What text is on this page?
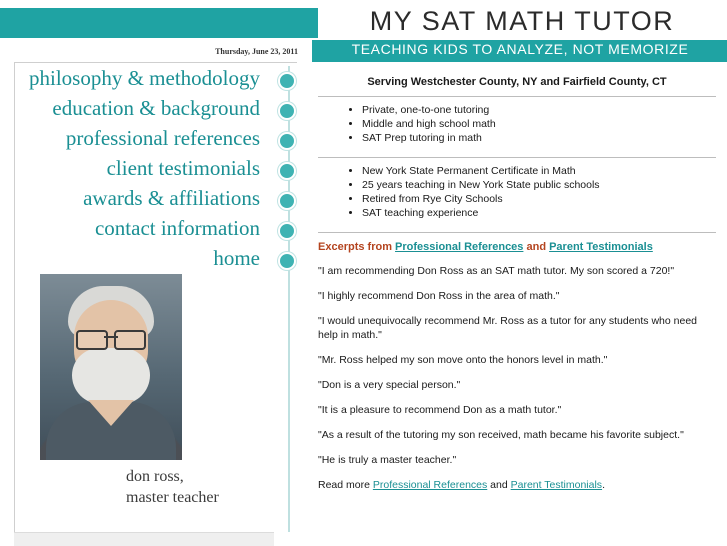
MY SAT MATH TUTOR
TEACHING KIDS TO ANALYZE, NOT MEMORIZE
Thursday, June 23, 2011
philosophy & methodology
education & background
professional references
client testimonials
awards & affiliations
contact information
home
don ross,
master teacher
Serving Westchester County, NY and Fairfield County, CT
• Private, one-to-one tutoring
• Middle and high school math
• SAT Prep tutoring in math
• New York State Permanent Certificate in Math
• 25 years teaching in New York State public schools
• Retired from Rye City Schools
• SAT teaching experience
Excerpts from Professional References and Parent Testimonials
"I am recommending Don Ross as an SAT math tutor. My son scored a 720!"
"I highly recommend Don Ross in the area of math."
"I would unequivocally recommend Mr. Ross as a tutor for any students who need help in math."
"Mr. Ross helped my son move onto the honors level in math."
"Don is a very special person."
"It is a pleasure to recommend Don as a math tutor."
"As a result of the tutoring my son received, math became his favorite subject."
"He is truly a master teacher."
Read more Professional References and Parent Testimonials.
